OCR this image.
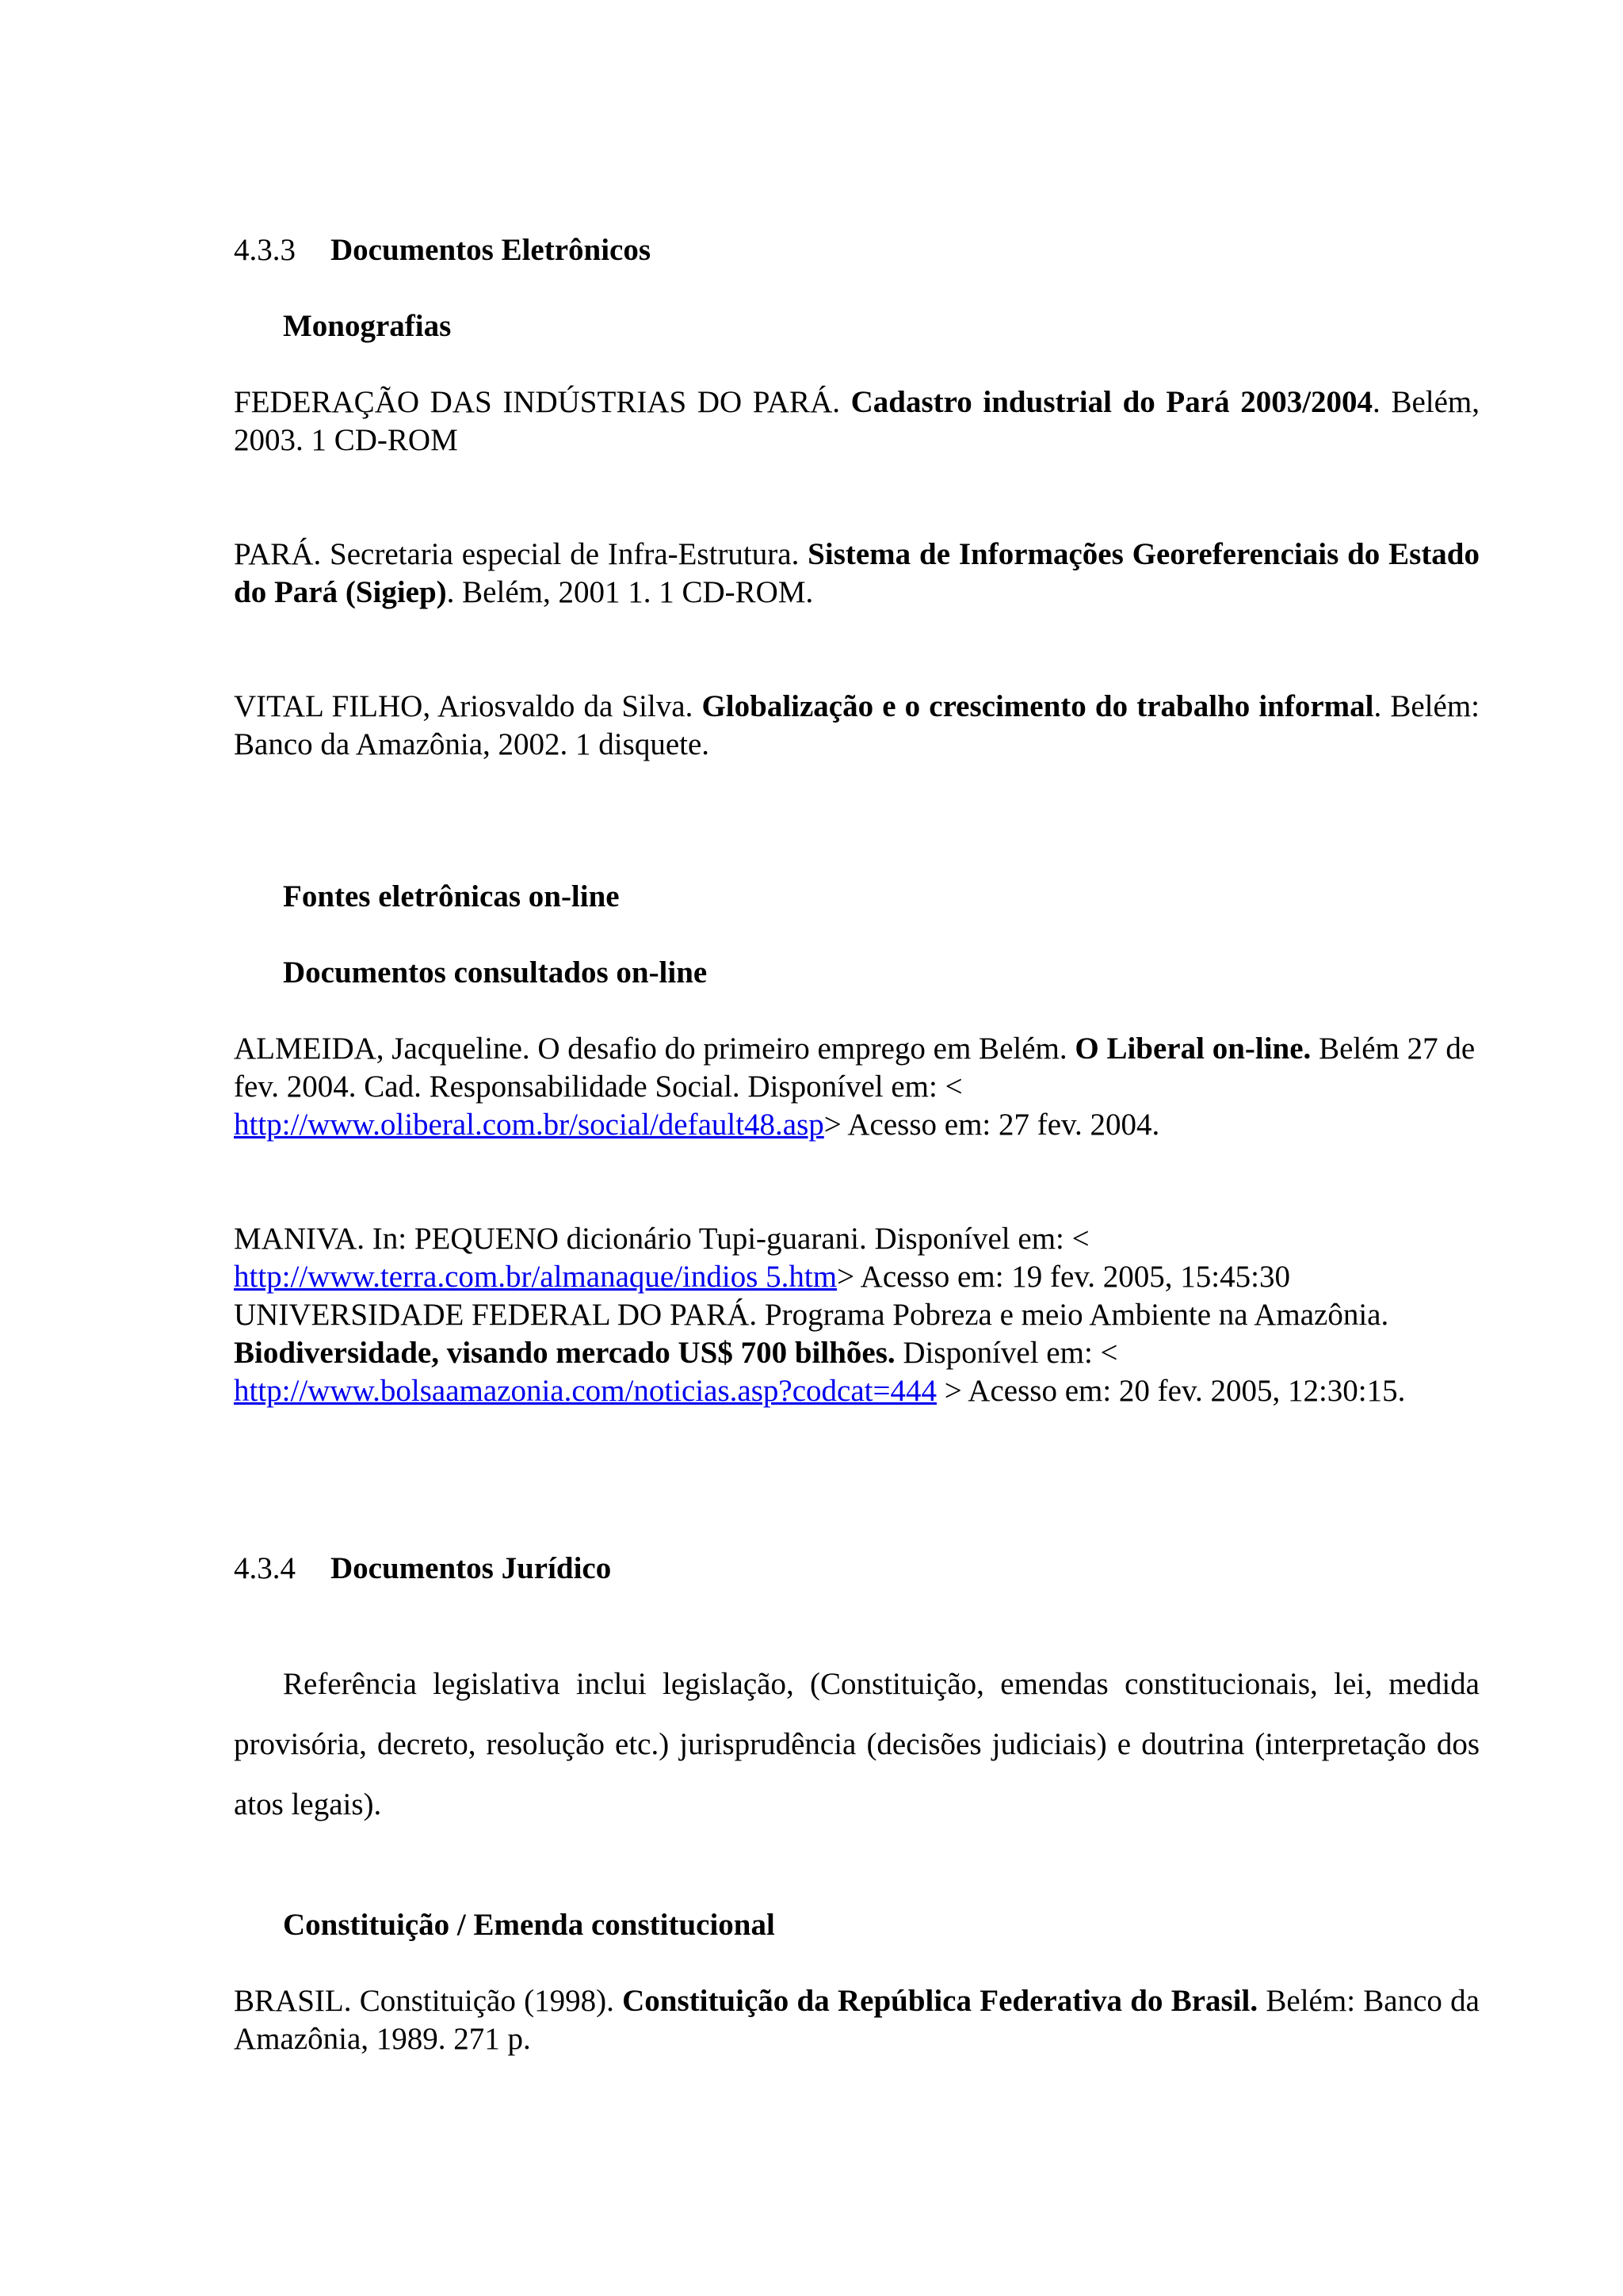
4.3.3 Documentos Eletrônicos
Monografias
FEDERAÇÃO DAS INDÚSTRIAS DO PARÁ. Cadastro industrial do Pará 2003/2004. Belém, 2003. 1 CD-ROM
PARÁ. Secretaria especial de Infra-Estrutura. Sistema de Informações Georeferenciais do Estado do Pará (Sigiep). Belém, 2001 1. 1 CD-ROM.
VITAL FILHO, Ariosvaldo da Silva. Globalização e o crescimento do trabalho informal. Belém: Banco da Amazônia, 2002. 1 disquete.
Fontes eletrônicas on-line
Documentos consultados on-line
ALMEIDA, Jacqueline. O desafio do primeiro emprego em Belém. O Liberal on-line. Belém 27 de fev. 2004. Cad. Responsabilidade Social. Disponível em: <
http://www.oliberal.com.br/social/default48.asp> Acesso em: 27 fev. 2004.
MANIVA. In: PEQUENO dicionário Tupi-guarani. Disponível em: <
http://www.terra.com.br/almanaque/indios 5.htm> Acesso em: 19 fev. 2005, 15:45:30
UNIVERSIDADE FEDERAL DO PARÁ. Programa Pobreza e meio Ambiente na Amazônia.
Biodiversidade, visando mercado US$ 700 bilhões. Disponível em: <
http://www.bolsaamazonia.com/noticias.asp?codcat=444 > Acesso em: 20 fev. 2005, 12:30:15.
4.3.4 Documentos Jurídico
Referência legislativa inclui legislação, (Constituição, emendas constitucionais, lei, medida provisória, decreto, resolução etc.) jurisprudência (decisões judiciais) e doutrina (interpretação dos atos legais).
Constituição / Emenda constitucional
BRASIL. Constituição (1998). Constituição da República Federativa do Brasil. Belém: Banco da Amazônia, 1989. 271 p.
